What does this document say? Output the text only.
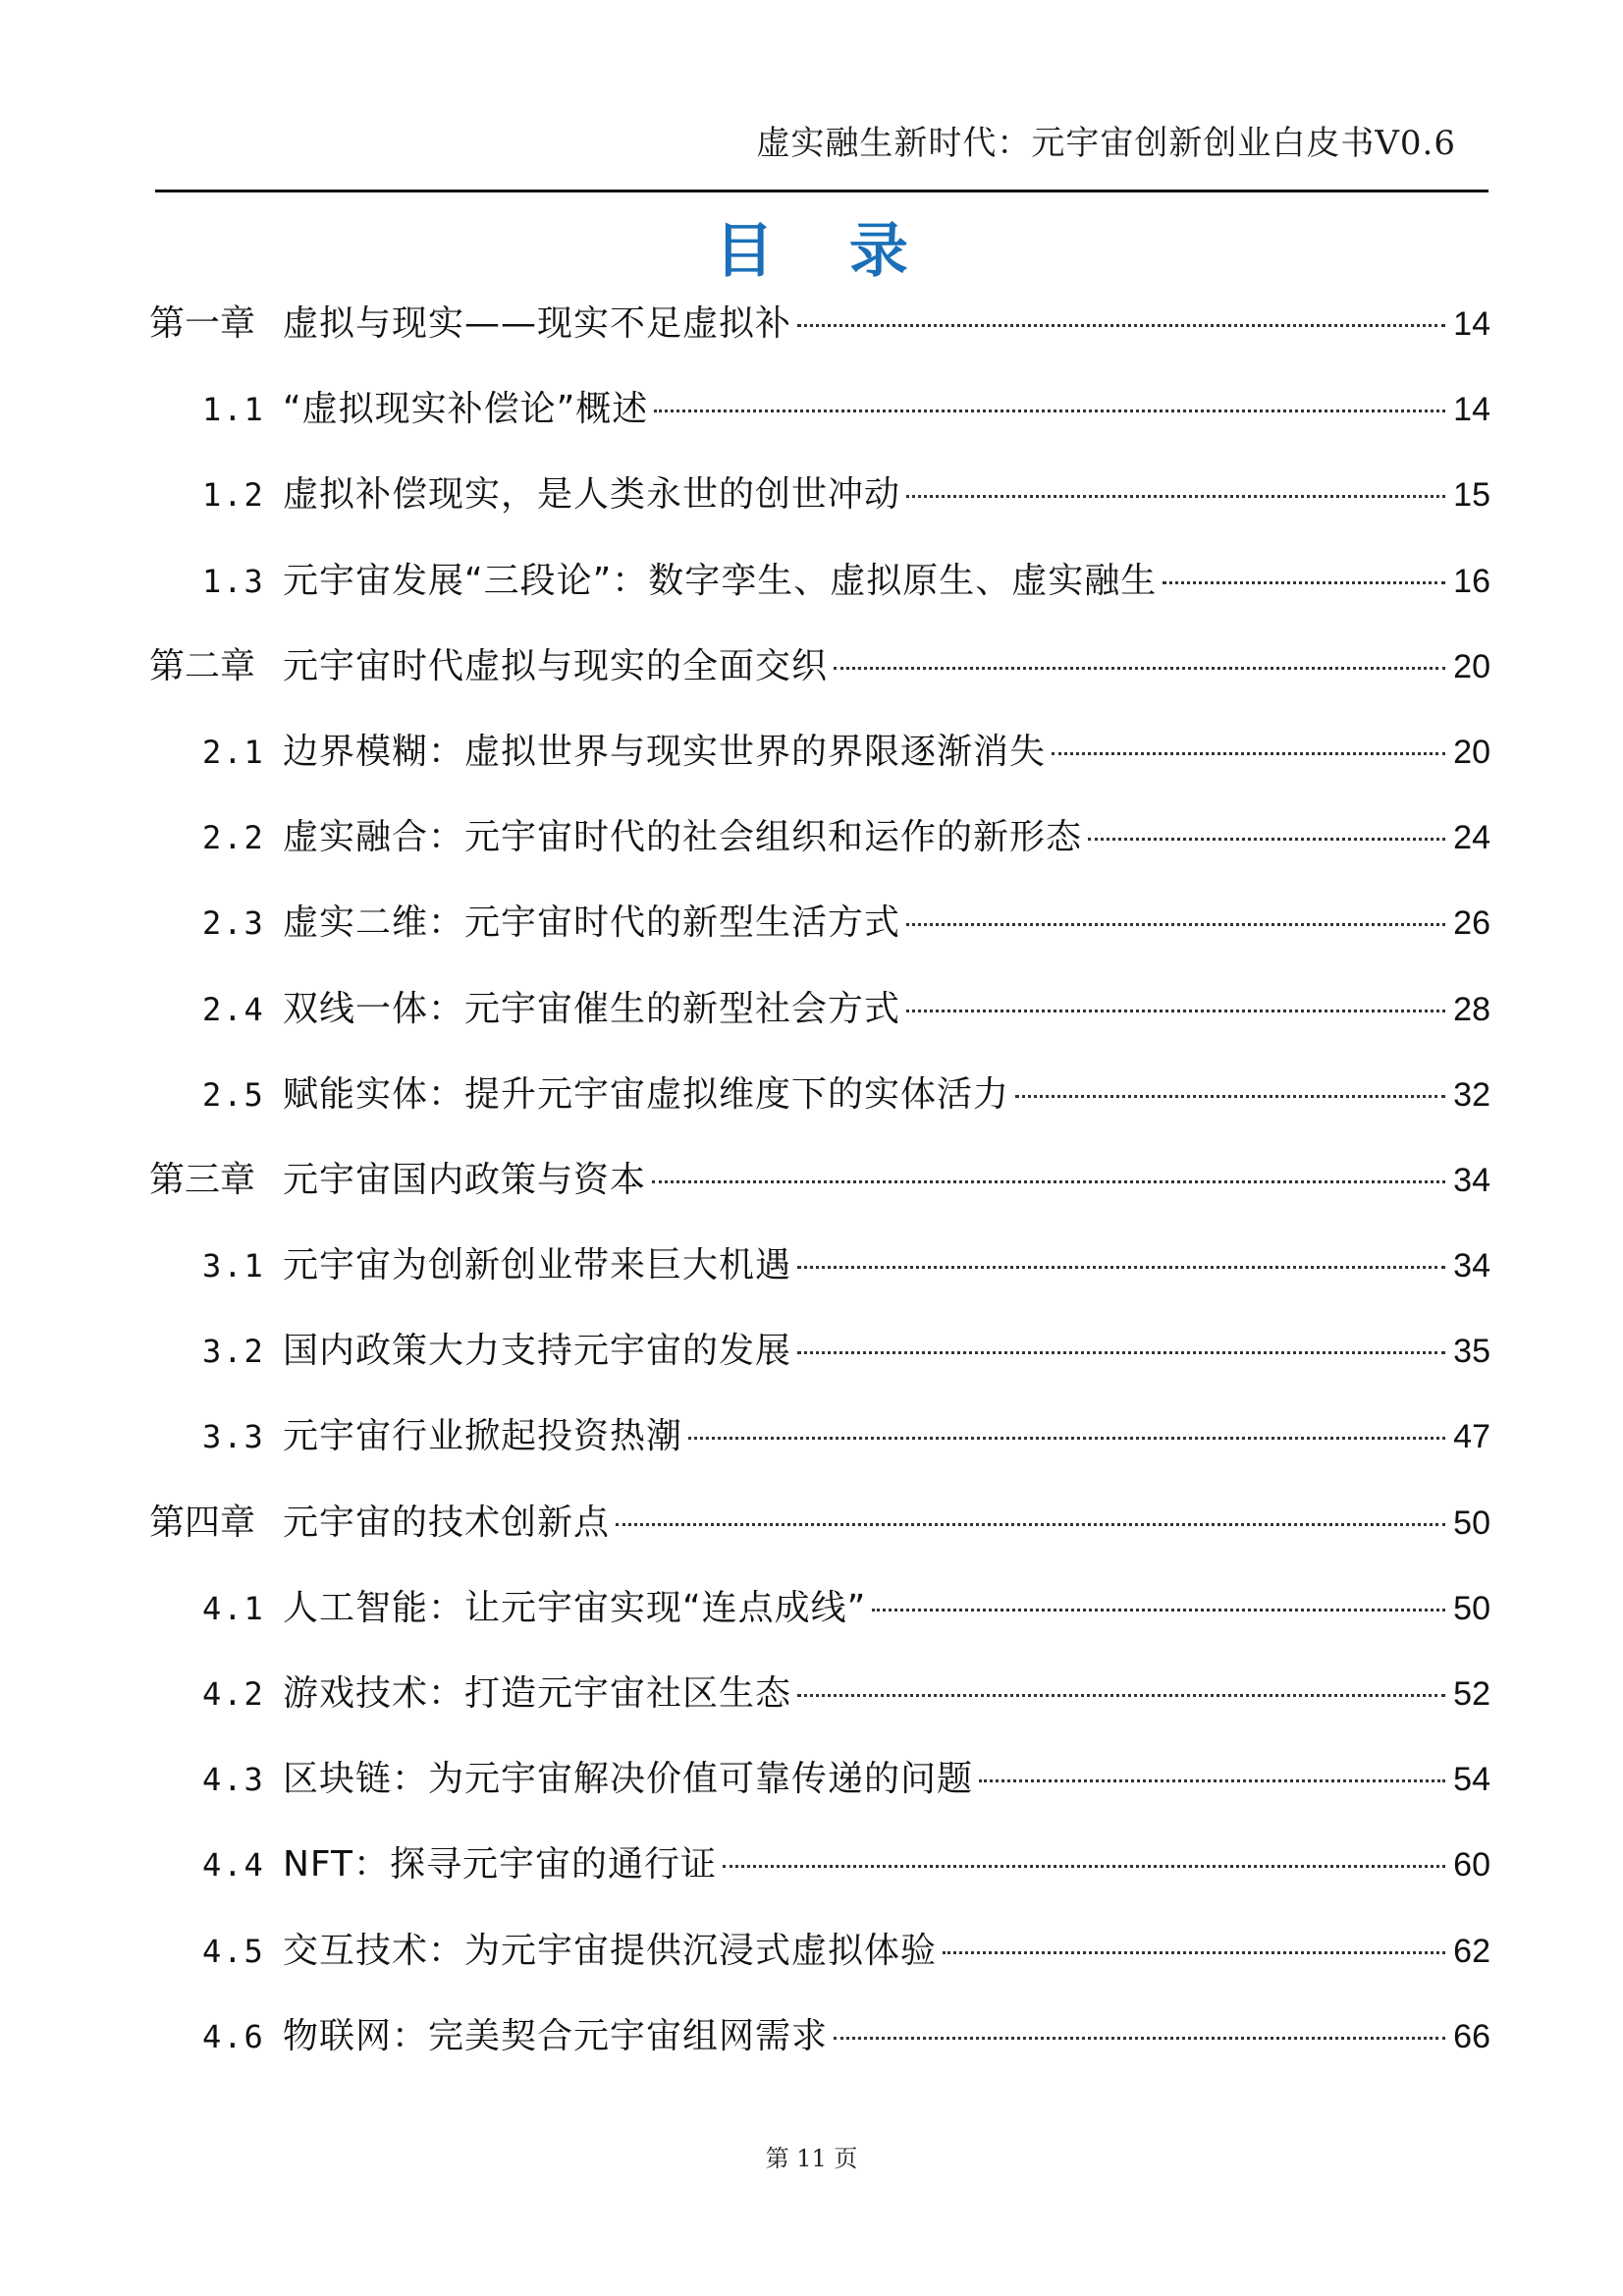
虚实融生新时代：元宇宙创新创业白皮书V0.6
目 录
第一章 虚拟与现实——现实不足虚拟补	14
1.1 “虚拟现实补偿论”概述	14
1.2 虚拟补偿现实，是人类永世的创世冲动	15
1.3 元宇宙发展“三段论”：数字孪生、虚拟原生、虚实融生	16
第二章 元宇宙时代虚拟与现实的全面交织	20
2.1 边界模糊：虚拟世界与现实世界的界限逐渐消失	20
2.2 虚实融合：元宇宙时代的社会组织和运作的新形态	24
2.3 虚实二维：元宇宙时代的新型生活方式	26
2.4 双线一体：元宇宙催生的新型社会方式	28
2.5 赋能实体：提升元宇宙虚拟维度下的实体活力	32
第三章 元宇宙国内政策与资本	34
3.1 元宇宙为创新创业带来巨大机遇	34
3.2 国内政策大力支持元宇宙的发展	35
3.3 元宇宙行业掀起投资热潮	47
第四章 元宇宙的技术创新点	50
4.1 人工智能：让元宇宙实现“连点成线”	50
4.2 游戏技术：打造元宇宙社区生态	52
4.3 区块链：为元宇宙解决价值可靠传递的问题	54
4.4 NFT：探寻元宇宙的通行证	60
4.5 交互技术：为元宇宙提供沉浸式虚拟体验	62
4.6 物联网：完美契合元宇宙组网需求	66
第 11 页
